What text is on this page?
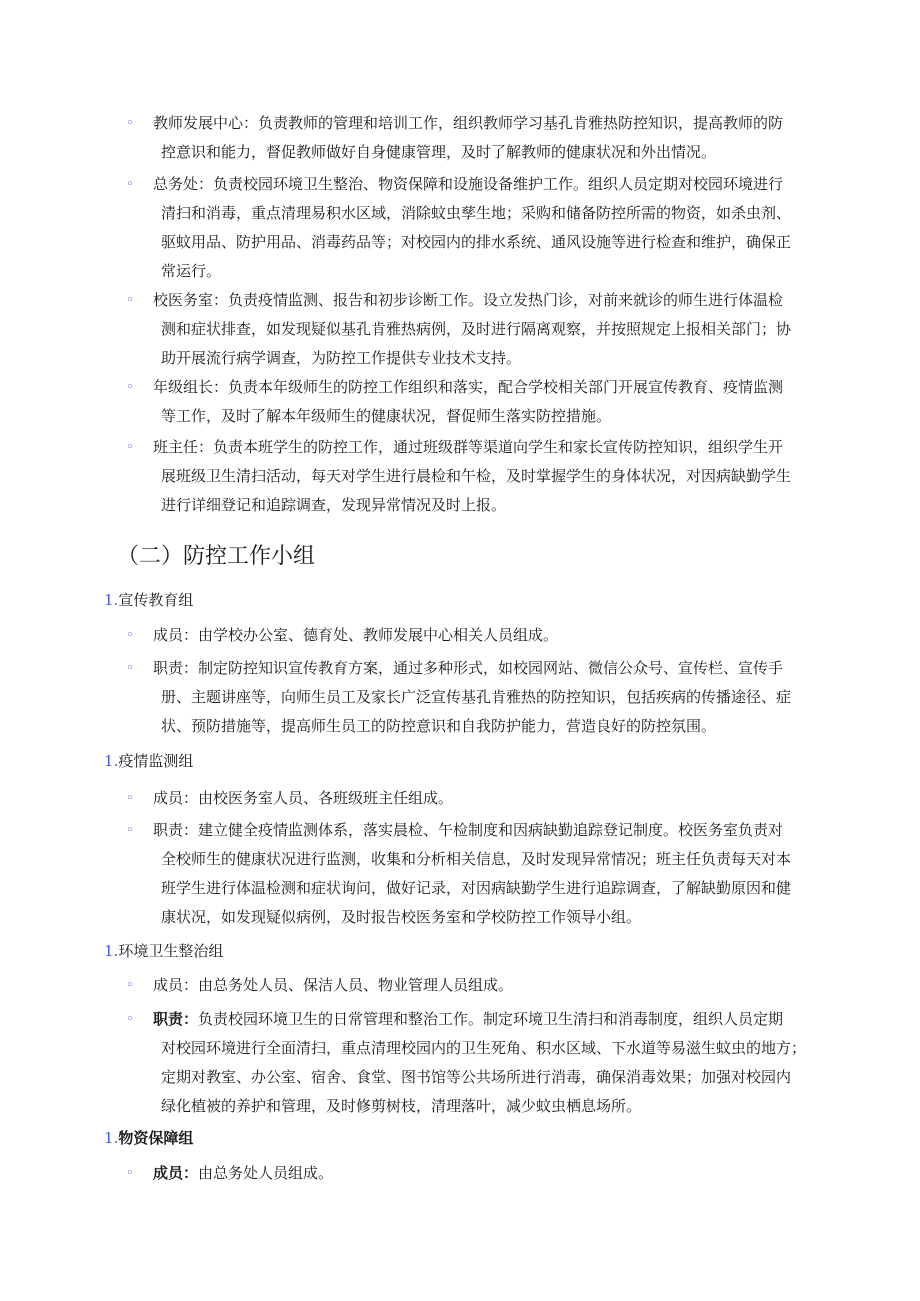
◦	教师发展中心：负责教师的管理和培训工作，组织教师学习基孔肯雅热防控知识，提高教师的防
控意识和能力，督促教师做好自身健康管理，及时了解教师的健康状况和外出情况。
◦	总务处：负责校园环境卫生整治、物资保障和设施设备维护工作。组织人员定期对校园环境进行
清扫和消毒，重点清理易积水区域，消除蚊虫孳生地；采购和储备防控所需的物资，如杀虫剂、
驱蚊用品、防护用品、消毒药品等；对校园内的排水系统、通风设施等进行检查和维护，确保正
常运行。
◦	校医务室：负责疫情监测、报告和初步诊断工作。设立发热门诊，对前来就诊的师生进行体温检
测和症状排查，如发现疑似基孔肯雅热病例，及时进行隔离观察，并按照规定上报相关部门；协
助开展流行病学调查，为防控工作提供专业技术支持。
◦	年级组长：负责本年级师生的防控工作组织和落实，配合学校相关部门开展宣传教育、疫情监测
等工作，及时了解本年级师生的健康状况，督促师生落实防控措施。
◦	班主任：负责本班学生的防控工作，通过班级群等渠道向学生和家长宣传防控知识，组织学生开
展班级卫生清扫活动，每天对学生进行晨检和午检，及时掌握学生的身体状况，对因病缺勤学生
进行详细登记和追踪调查，发现异常情况及时上报。
（二）防控工作小组
1.宣传教育组
◦	成员：由学校办公室、德育处、教师发展中心相关人员组成。
◦	职责：制定防控知识宣传教育方案，通过多种形式，如校园网站、微信公众号、宣传栏、宣传手
册、主题讲座等，向师生员工及家长广泛宣传基孔肯雅热的防控知识，包括疾病的传播途径、症
状、预防措施等，提高师生员工的防控意识和自我防护能力，营造良好的防控氛围。
1.疫情监测组
◦	成员：由校医务室人员、各班级班主任组成。
◦	职责：建立健全疫情监测体系，落实晨检、午检制度和因病缺勤追踪登记制度。校医务室负责对
全校师生的健康状况进行监测，收集和分析相关信息，及时发现异常情况；班主任负责每天对本
班学生进行体温检测和症状询问，做好记录，对因病缺勤学生进行追踪调查，了解缺勤原因和健
康状况，如发现疑似病例，及时报告校医务室和学校防控工作领导小组。
1.环境卫生整治组
◦	成员：由总务处人员、保洁人员、物业管理人员组成。
◦	职责：负责校园环境卫生的日常管理和整治工作。制定环境卫生清扫和消毒制度，组织人员定期
对校园环境进行全面清扫，重点清理校园内的卫生死角、积水区域、下水道等易滋生蚊虫的地方；
定期对教室、办公室、宿舍、食堂、图书馆等公共场所进行消毒，确保消毒效果；加强对校园内
绿化植被的养护和管理，及时修剪树枝，清理落叶，减少蚊虫栖息场所。
1.物资保障组
◦	成员：由总务处人员组成。
